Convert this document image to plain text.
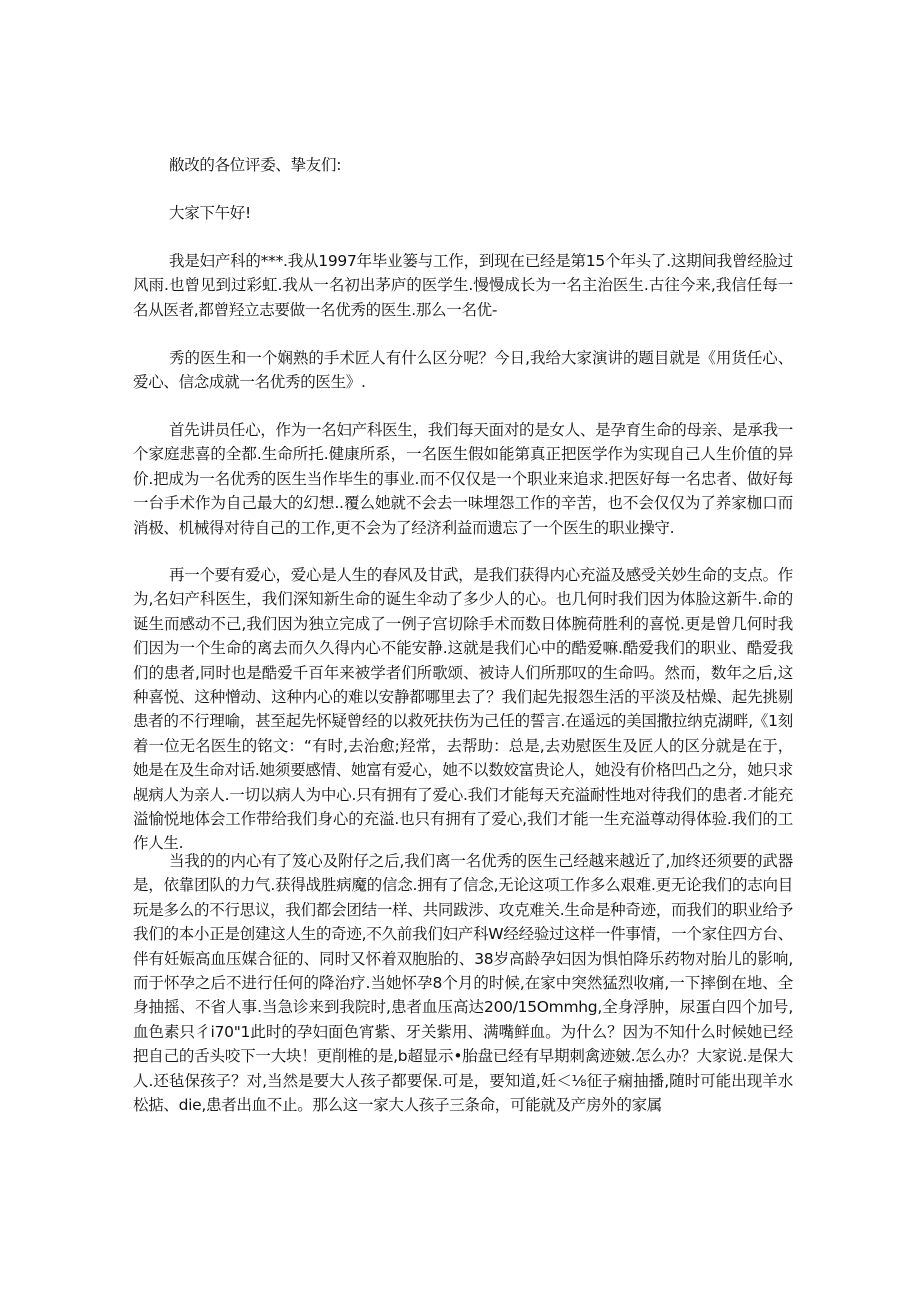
敝改的各位评委、挚友们:

大家下午好!

我是妇产科的***.我从1997年毕业篓与工作，到现在已经是第15个年头了.这期间我曾经脸过风雨.也曾见到过彩虹.我从一名初出茅庐的医学生.慢慢成长为一名主治医生.古往今来,我信任每一名从医者,都曾羟立志要做一名优秀的医生.那么一名优-

秀的医生和一个娴熟的手术匠人有什么区分呢？今日,我给大家演讲的题目就是《用货任心、爱心、信念成就一名优秀的医生》.

首先讲员任心，作为一名妇产科医生，我们每天面对的是女人、是孕育生命的母亲、是承我一个家庭悲喜的全都.生命所托.健康所系，一名医生假如能第真正把医学作为实现自己人生价值的异价.把成为一名优秀的医生当作毕生的事业.而不仅仅是一个职业来追求.把医好每一名忠者、做好每一台手术作为自己最大的幻想..覆么她就不会去一味埋怨工作的辛苦，也不会仅仅为了养家枷口而消极、机械得对待自己的工作,更不会为了经济利益而遗忘了一个医生的职业操守.

再一个要有爱心，爱心是人生的春风及甘武，是我们获得内心充溢及感受关妙生命的支点。作为,名妇产科医生，我们深知新生命的诞生伞动了多少人的心。也几何时我们因为体脸这新牛.命的诞生而感动不己,我们因为独立完成了一例子宫切除手术而数日体腕荷胜利的喜悦.更是曾几何时我们因为一个生命的离去而久久得内心不能安静.这就是我们心中的酷爱嘛.酷爱我们的职业、酷爱我们的患者,同时也是酷爱千百年来被学者们所歌颂、被诗人们所那叹的生命吗。然而，数年之后,这种喜悦、这种憎动、这种内心的难以安静都哪里去了？我们起先报怨生活的平淡及枯燥、起先挑剔患者的不行理喻，甚至起先怀疑曾经的以救死扶伤为己任的誓言.在遥远的美国撒拉纳克湖畔,《1刻着一位无名医生的铭文：“有时,去治愈;羟常，去帮助：总是,去劝慰医生及匠人的区分就是在于，她是在及生命对话.她须要感情、她富有爱心，她不以数姣富贵论人，她没有价格凹凸之分，她只求觇病人为亲人.一切以病人为中心.只有拥有了爱心.我们才能每天充溢耐性地对待我们的患者.才能充溢愉悦地体会工作带给我们身心的充溢.也只有拥有了爱心,我们才能一生充溢尊动得体验.我们的工作人生.

当我的的内心有了笈心及附仔之后,我们离一名优秀的医生己经越来越近了,加终还须要的武器是，依靠团队的力气.获得战胜病魔的信念.拥有了信念,无论这项工作多么艰难.更无论我们的志向目玩是多么的不行思议，我们都会团结一样、共同跋涉、攻克难关.生命是种奇迹，而我们的职业给予我们的本小正是创建这人生的奇迹,不久前我们妇产科W经经验过这样一件事情，一个家住四方台、伴有妊娠高血压媒合征的、同时又怀着双胞胎的、38岁高龄孕妇因为惧怕降乐药物对胎儿的影响,而于怀孕之后不进行任何的降治疗.当她怀孕8个月的时候,在家中突然猛烈收痛,一下摔倒在地、全身抽摇、不省人事.当急诊来到我院时,患者血压高达200/15Ommhg,全身浮肿，尿蛋白四个加号,血色素只彳i70"1此时的孕妇面色宵紫、牙关紫用、满嘴鲜血。为什么？因为不知什么时候她已经把自己的舌头咬下一大块！更削椎的是,b超显示•胎盘已经有早期刺禽迹皴.怎么办？大家说.是保大人.还毡保孩子？对,当然是要大人孩子都要保.可是，要知道,妊＜⅛征子痫抽播,随时可能出现羊水松掂、die,患者出血不止。那么这一家大人孩子三条命，可能就及产房外的家属
